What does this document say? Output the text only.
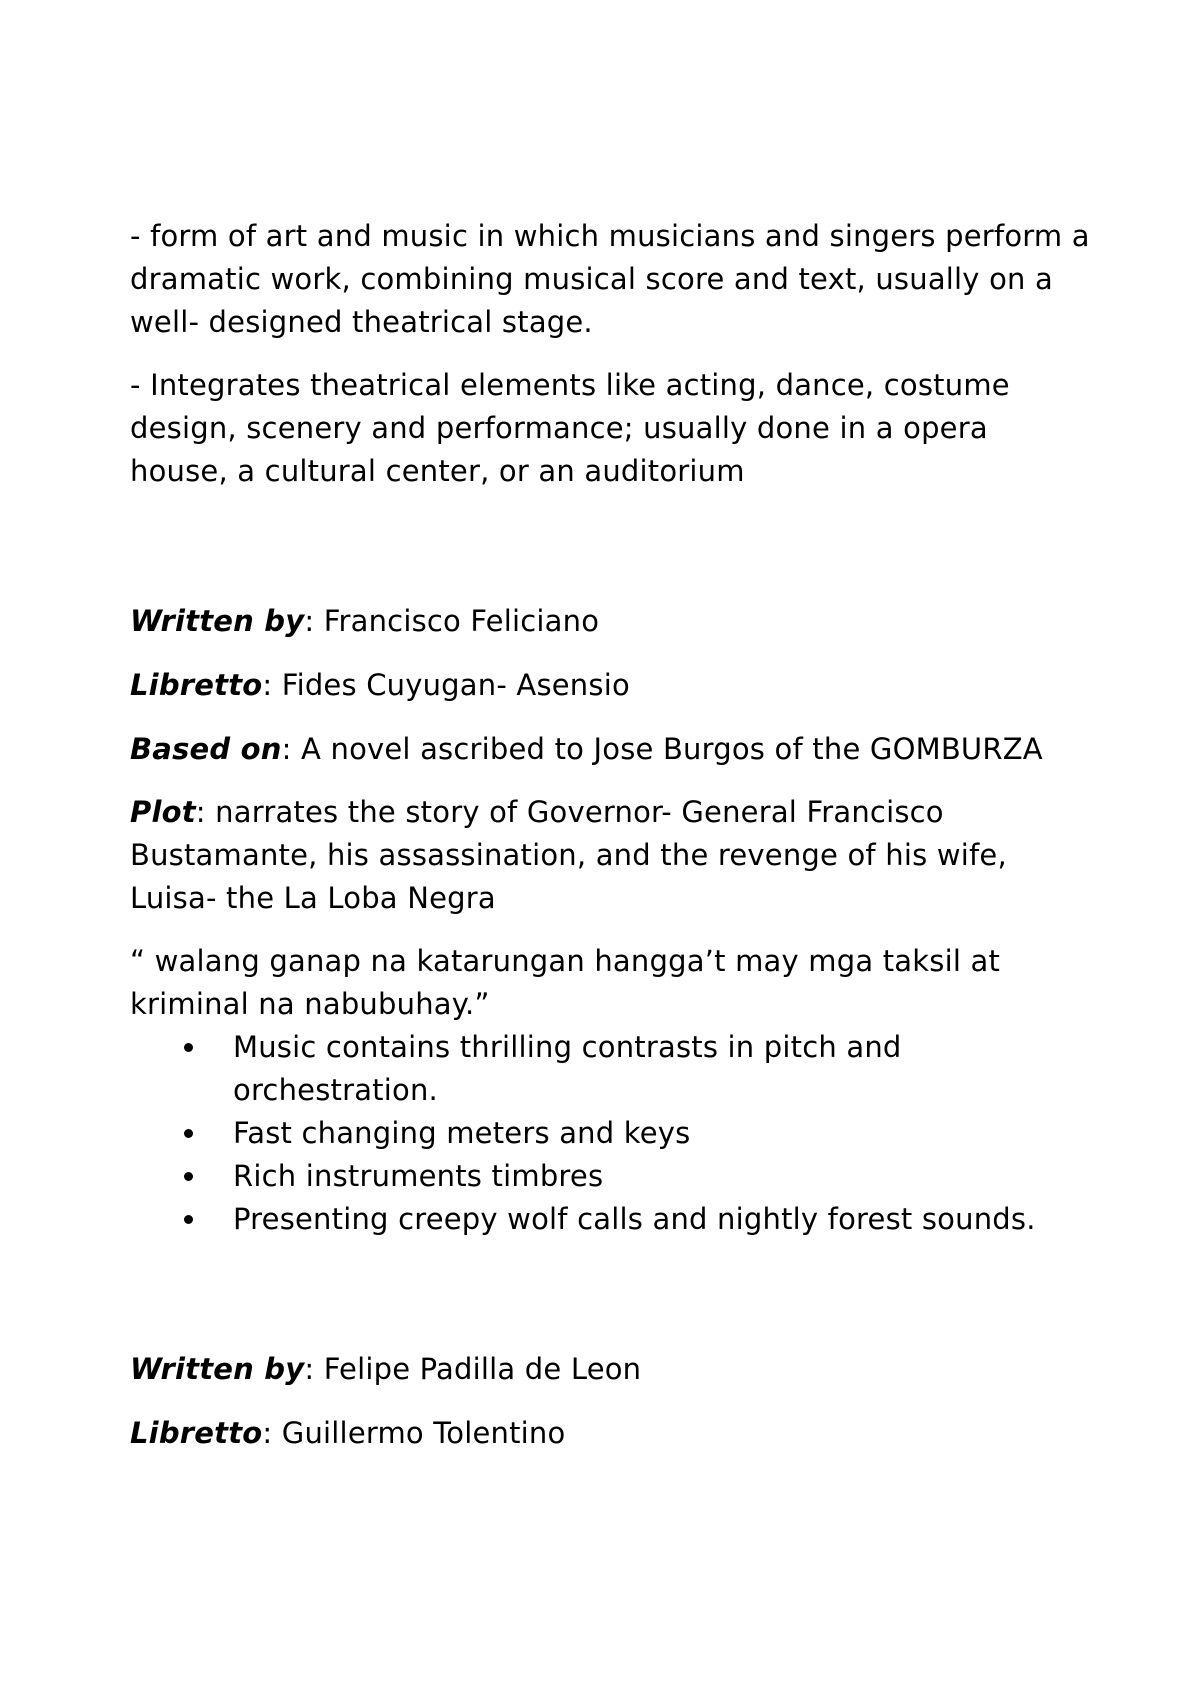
- form of art and music in which musicians and singers perform a dramatic work, combining musical score and text, usually on a well- designed theatrical stage.

- Integrates theatrical elements like acting, dance, costume design, scenery and performance; usually done in a opera house, a cultural center, or an auditorium

Written by: Francisco Feliciano

Libretto: Fides Cuyugan- Asensio

Based on: A novel ascribed to Jose Burgos of the GOMBURZA

Plot: narrates the story of Governor- General Francisco Bustamante, his assassination, and the revenge of his wife, Luisa- the La Loba Negra

“ walang ganap na katarungan hangga’t may mga taksil at kriminal na nabubuhay.”

Music contains thrilling contrasts in pitch and orchestration.
Fast changing meters and keys
Rich instruments timbres
Presenting creepy wolf calls and nightly forest sounds.

Written by: Felipe Padilla de Leon

Libretto: Guillermo Tolentino
